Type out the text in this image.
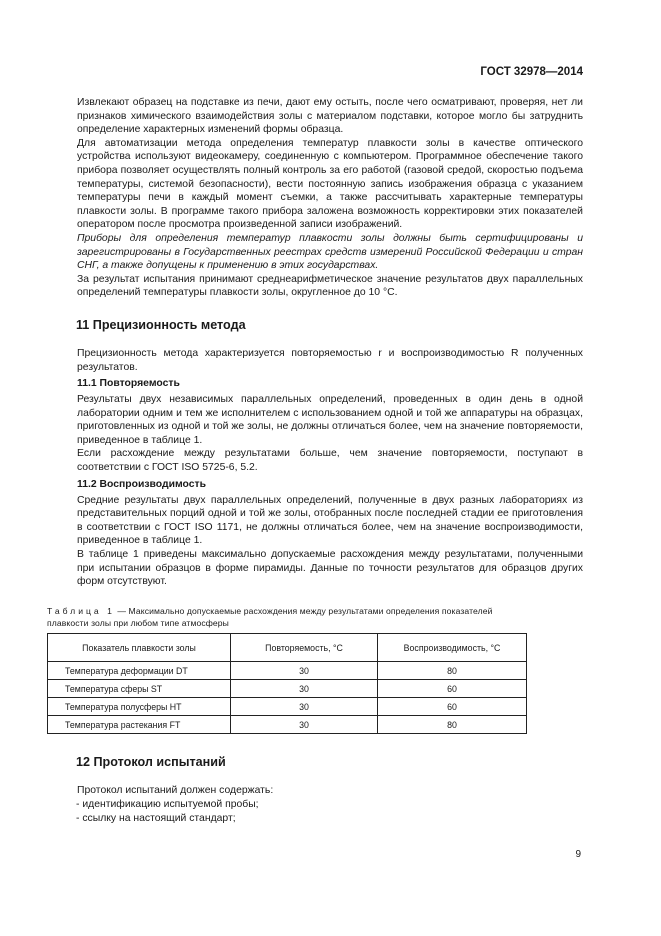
ГОСТ 32978—2014

Извлекают образец на подставке из печи, дают ему остыть, после чего осматривают, проверяя, нет ли признаков химического взаимодействия золы с материалом подставки, которое могло бы затруднить определение характерных изменений формы образца.

Для автоматизации метода определения температур плавкости золы в качестве оптического устройства используют видеокамеру, соединенную с компьютером. Программное обеспечение такого прибора позволяет осуществлять полный контроль за его работой (газовой средой, скоростью подъема температуры, системой безопасности), вести постоянную запись изображения образца с указанием температуры печи в каждый момент съемки, а также рассчитывать характерные температуры плавкости золы. В программе такого прибора заложена возможность корректировки этих показателей оператором после просмотра произведенной записи изображений.

Приборы для определения температур плавкости золы должны быть сертифицированы и зарегистрированы в Государственных реестрах средств измерений Российской Федерации и стран СНГ, а также допущены к применению в этих государствах.

За результат испытания принимают среднеарифметическое значение результатов двух параллельных определений температуры плавкости золы, округленное до 10 °C.

11 Прецизионность метода

Прецизионность метода характеризуется повторяемостью r и воспроизводимостью R полученных результатов.

11.1 Повторяемость

Результаты двух независимых параллельных определений, проведенных в один день в одной лаборатории одним и тем же исполнителем с использованием одной и той же аппаратуры на образцах, приготовленных из одной и той же золы, не должны отличаться более, чем на значение повторяемости, приведенное в таблице 1.

Если расхождение между результатами больше, чем значение повторяемости, поступают в соответствии с ГОСТ ISO 5725-6, 5.2.

11.2 Воспроизводимость

Средние результаты двух параллельных определений, полученные в двух разных лабораториях из представительных порций одной и той же золы, отобранных после последней стадии ее приготовления в соответствии с ГОСТ ISO 1171, не должны отличаться более, чем на значение воспроизводимости, приведенное в таблице 1.

В таблице 1 приведены максимально допускаемые расхождения между результатами, полученными при испытании образцов в форме пирамиды. Данные по точности результатов для образцов других форм отсутствуют.

Таблица 1 — Максимально допускаемые расхождения между результатами определения показателей плавкости золы при любом типе атмосферы
Показатель плавкости золы	Повторяемость, °C	Воспроизводимость, °C
Температура деформации DT	30	80
Температура сферы ST	30	60
Температура полусферы HT	30	60
Температура растекания FT	30	80
12 Протокол испытаний

Протокол испытаний должен содержать:

- идентификацию испытуемой пробы;

- ссылку на настоящий стандарт;

9
